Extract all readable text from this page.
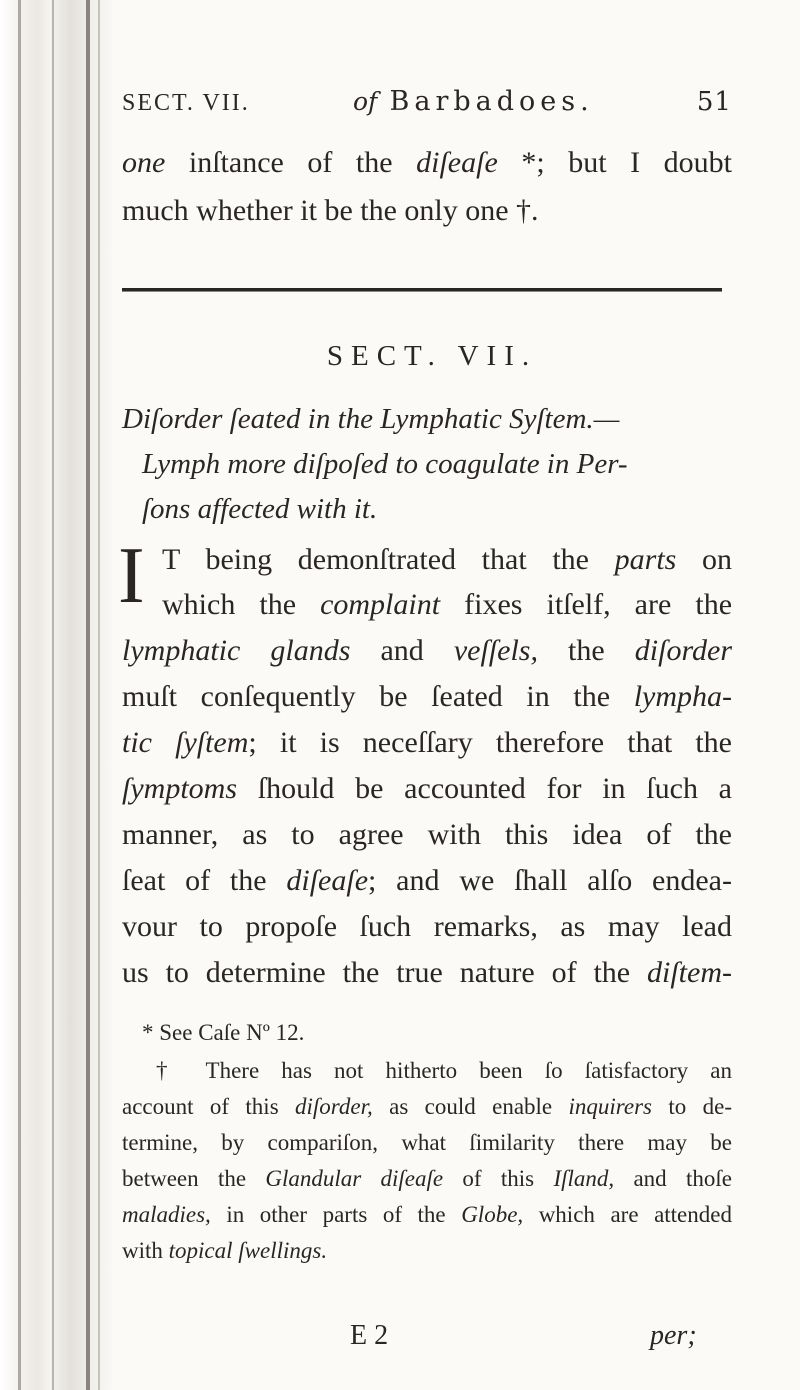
SECT. VII.	of Barbadoes.	51
one inſtance of the diſeaſe *; but I doubt
much whether it be the only one †.
SECT. VII.
Diſorder ſeated in the Lymphatic Syſtem.—
Lymph more diſpoſed to coagulate in Per-
ſons affected with it.
I T being demonſtrated that the parts on
which the complaint fixes itſelf, are the
lymphatic glands and veſſels, the diſorder
muſt conſequently be ſeated in the lympha-
tic ſyſtem; it is neceſſary therefore that the
ſymptoms ſhould be accounted for in ſuch a
manner, as to agree with this idea of the
ſeat of the diſeaſe; and we ſhall alſo endea-
vour to propoſe ſuch remarks, as may lead
us to determine the true nature of the diſtem-
* See Caſe Nº 12.
† There has not hitherto been ſo ſatisfactory an
account of this diſorder, as could enable inquirers to de-
termine, by compariſon, what ſimilarity there may be
between the Glandular diſeaſe of this Iſland, and thoſe
maladies, in other parts of the Globe, which are attended
with topical ſwellings.
E 2	per;
